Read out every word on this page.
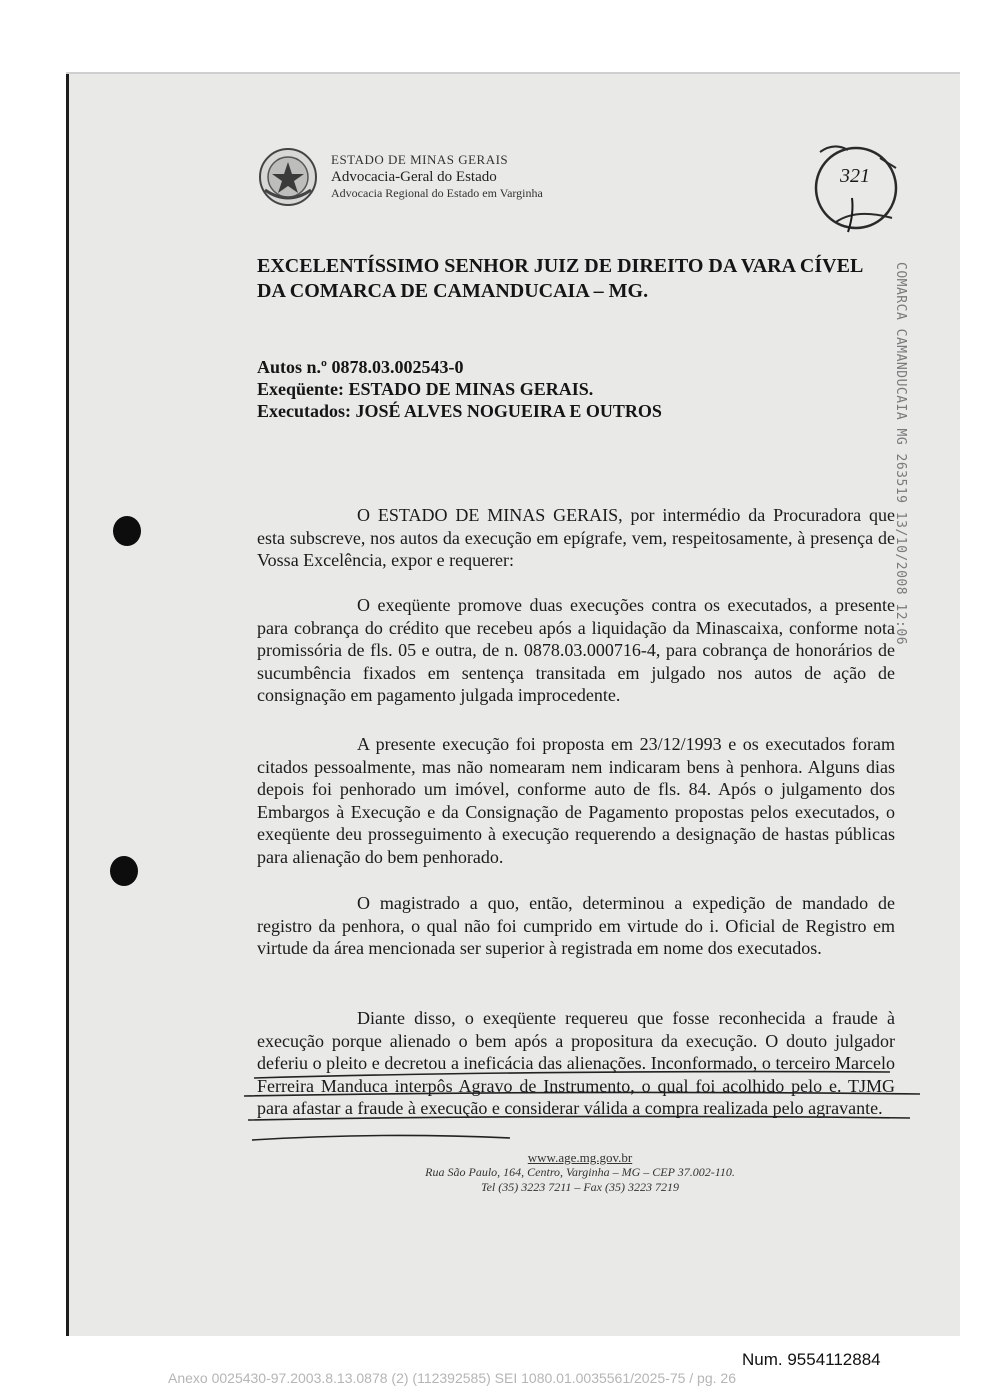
ESTADO DE MINAS GERAIS
Advocacia-Geral do Estado
Advocacia Regional do Estado em Varginha
321
EXCELENTÍSSIMO SENHOR JUIZ DE DIREITO DA VARA CÍVEL
DA COMARCA DE CAMANDUCAIA – MG.
Autos n.º 0878.03.002543-0
Exeqüente: ESTADO DE MINAS GERAIS.
Executados: JOSÉ ALVES NOGUEIRA E OUTROS	COMARCA CAMANDUCAIA MG 263519 13/10/2008 12:06

O ESTADO DE MINAS GERAIS, por intermédio da Procuradora que esta subscreve, nos autos da execução em epígrafe, vem, respeitosamente, à presença de Vossa Excelência, expor e requerer:

O exeqüente promove duas execuções contra os executados, a presente para cobrança do crédito que recebeu após a liquidação da Minascaixa, conforme nota promissória de fls. 05 e outra, de n. 0878.03.000716-4, para cobrança de honorários de sucumbência fixados em sentença transitada em julgado nos autos de ação de consignação em pagamento julgada improcedente.

A presente execução foi proposta em 23/12/1993 e os executados foram citados pessoalmente, mas não nomearam nem indicaram bens à penhora. Alguns dias depois foi penhorado um imóvel, conforme auto de fls. 84. Após o julgamento dos Embargos à Execução e da Consignação de Pagamento propostas pelos executados, o exeqüente deu prosseguimento à execução requerendo a designação de hastas públicas para alienação do bem penhorado.

O magistrado a quo, então, determinou a expedição de mandado de registro da penhora, o qual não foi cumprido em virtude do i. Oficial de Registro em virtude da área mencionada ser superior à registrada em nome dos executados.

Diante disso, o exeqüente requereu que fosse reconhecida a fraude à execução porque alienado o bem após a propositura da execução. O douto julgador deferiu o pleito e decretou a ineficácia das alienações. Inconformado, o terceiro Marcelo Ferreira Manduca interpôs Agravo de Instrumento, o qual foi acolhido pelo e. TJMG para afastar a fraude à execução e considerar válida a compra realizada pelo agravante.

www.age.mg.gov.br
Rua São Paulo, 164, Centro, Varginha – MG – CEP 37.002-110.
Tel (35) 3223 7211 – Fax (35) 3223 7219
Num. 9554112884
Anexo 0025430-97.2003.8.13.0878 (2) (112392585) SEI 1080.01.0035561/2025-75 / pg. 26
